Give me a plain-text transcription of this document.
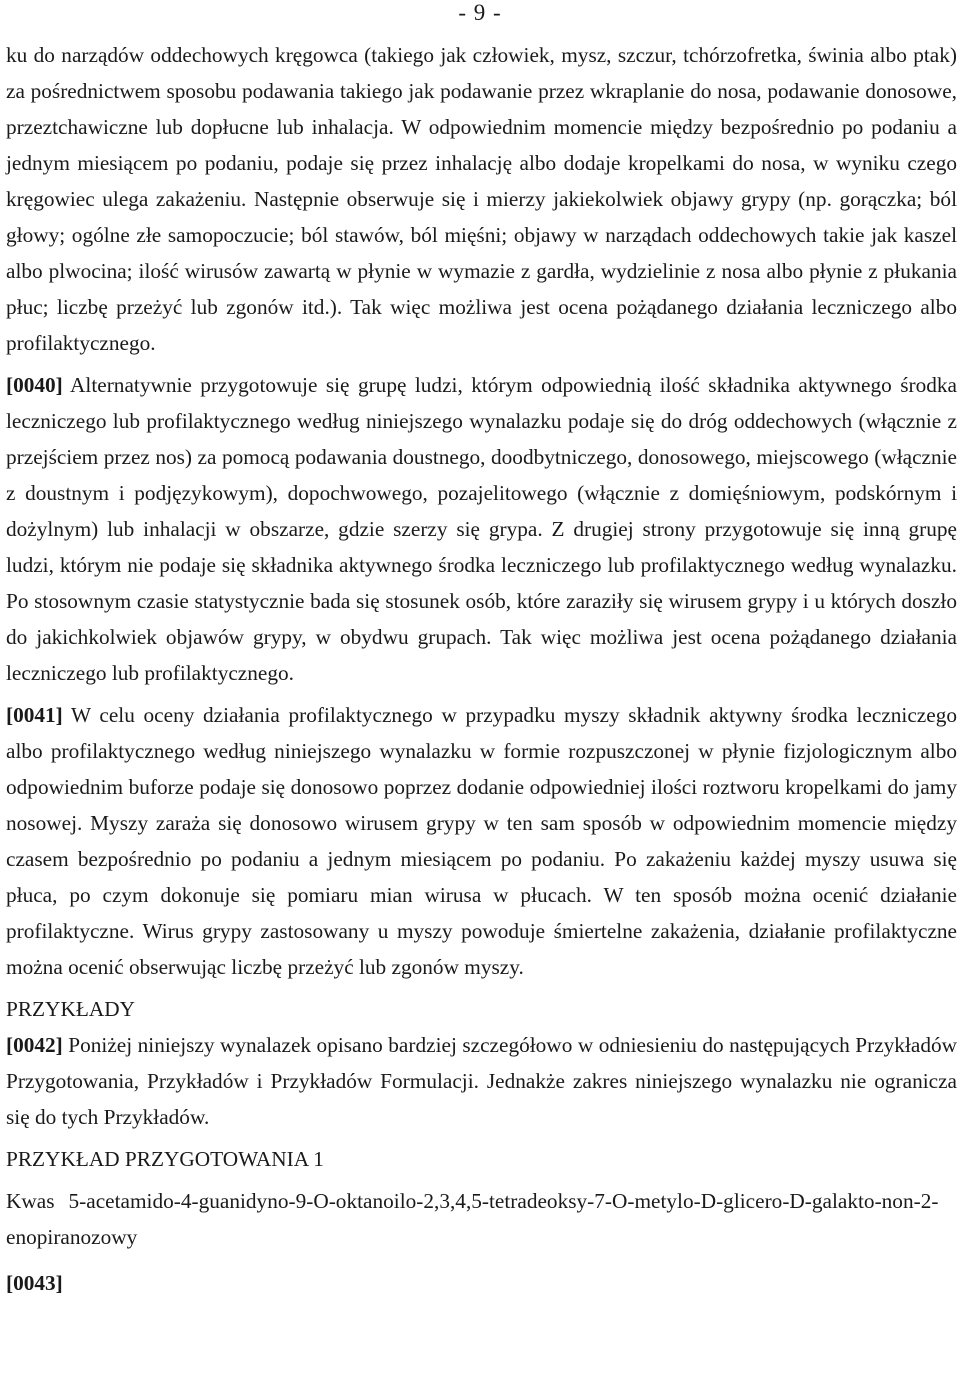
- 9 -

ku do narządów oddechowych kręgowca (takiego jak człowiek, mysz, szczur, tchórzofretka, świnia albo ptak) za pośrednictwem sposobu podawania takiego jak podawanie przez wkraplanie do nosa, podawanie donosowe, przeztchawiczne lub dopłucne lub inhalacja. W odpowiednim momencie między bezpośrednio po podaniu a jednym miesiącem po podaniu, podaje się przez inhalację albo dodaje kropelkami do nosa, w wyniku czego kręgowiec ulega zakażeniu. Następnie obserwuje się i mierzy jakiekolwiek objawy grypy (np. gorączka; ból głowy; ogólne złe samopoczucie; ból stawów, ból mięśni; objawy w narządach oddechowych takie jak kaszel albo plwocina; ilość wirusów zawartą w płynie w wymazie z gardła, wydzielinie z nosa albo płynie z płukania płuc; liczbę przeżyć lub zgonów itd.). Tak więc możliwa jest ocena pożądanego działania leczniczego albo profilaktycznego.

[0040] Alternatywnie przygotowuje się grupę ludzi, którym odpowiednią ilość składnika aktywnego środka leczniczego lub profilaktycznego według niniejszego wynalazku podaje się do dróg oddechowych (włącznie z przejściem przez nos) za pomocą podawania doustnego, doodbytniczego, donosowego, miejscowego (włącznie z doustnym i podjęzykowym), dopochwowego, pozajelitowego (włącznie z domięśniowym, podskórnym i dożylnym) lub inhalacji w obszarze, gdzie szerzy się grypa. Z drugiej strony przygotowuje się inną grupę ludzi, którym nie podaje się składnika aktywnego środka leczniczego lub profilaktycznego według wynalazku. Po stosownym czasie statystycznie bada się stosunek osób, które zaraziły się wirusem grypy i u których doszło do jakichkolwiek objawów grypy, w obydwu grupach. Tak więc możliwa jest ocena pożądanego działania leczniczego lub profilaktycznego.

[0041] W celu oceny działania profilaktycznego w przypadku myszy składnik aktywny środka leczniczego albo profilaktycznego według niniejszego wynalazku w formie rozpuszczonej w płynie fizjologicznym albo odpowiednim buforze podaje się donosowo poprzez dodanie odpowiedniej ilości roztworu kropelkami do jamy nosowej. Myszy zaraża się donosowo wirusem grypy w ten sam sposób w odpowiednim momencie między czasem bezpośrednio po podaniu a jednym miesiącem po podaniu. Po zakażeniu każdej myszy usuwa się płuca, po czym dokonuje się pomiaru mian wirusa w płucach. W ten sposób można ocenić działanie profilaktyczne. Wirus grypy zastosowany u myszy powoduje śmiertelne zakażenia, działanie profilaktyczne można ocenić obserwując liczbę przeżyć lub zgonów myszy.

PRZYKŁADY

[0042] Poniżej niniejszy wynalazek opisano bardziej szczegółowo w odniesieniu do następujących Przykładów Przygotowania, Przykładów i Przykładów Formulacji. Jednakże zakres niniejszego wynalazku nie ogranicza się do tych Przykładów.

PRZYKŁAD PRZYGOTOWANIA 1

Kwas 5-acetamido-4-guanidyno-9-O-oktanoilo-2,3,4,5-tetradeoksy-7-O-metylo-D-glicero-D-galakto-non-2-enopiranozowy

[0043]
